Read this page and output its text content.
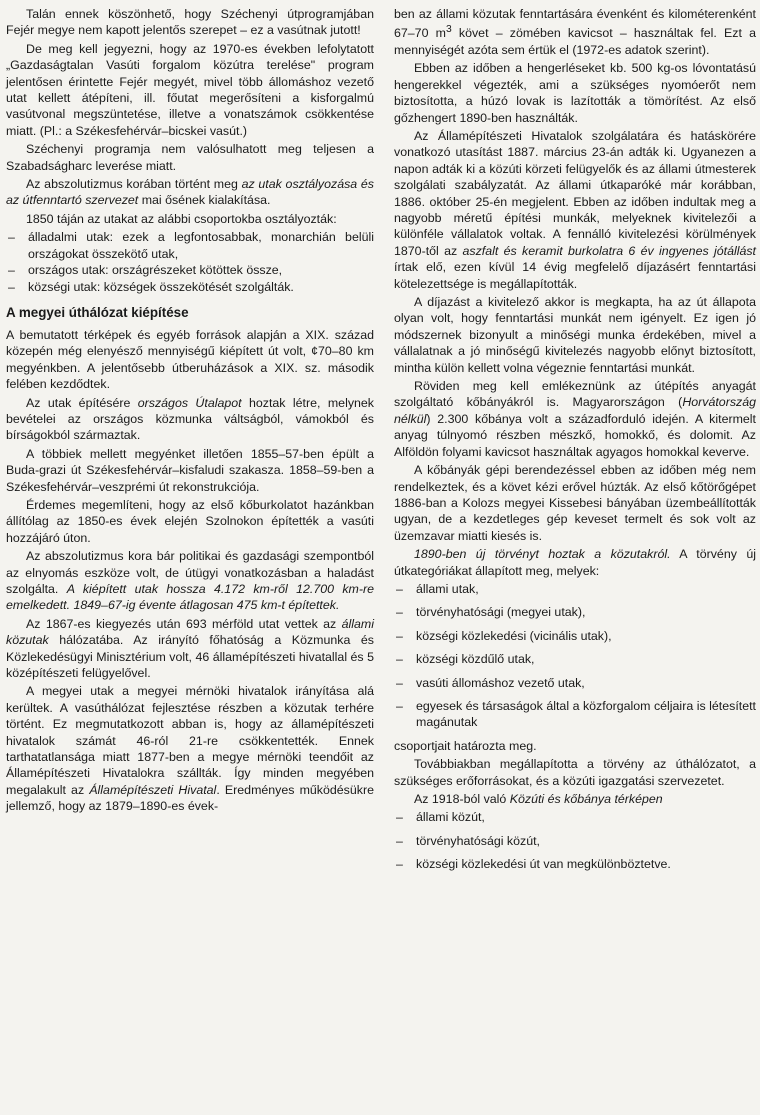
Talán ennek köszönhető, hogy Széchenyi útprogramjában Fejér megye nem kapott jelentős szerepet – ez a vasútnak jutott!

De meg kell jegyezni, hogy az 1970-es években lefolytatott „Gazdaságtalan Vasúti forgalom közútra terelése" program jelentősen érintette Fejér megyét, mivel több állomáshoz vezető utat kellett átépíteni, ill. főutat megerősíteni a kisforgalmú vasútvonal megszüntetése, illetve a vonatszámok csökkentése miatt. (Pl.: a Székesfehérvár–bicskei vasút.)

Széchenyi programja nem valósulhatott meg teljesen a Szabadságharc leverése miatt.

Az abszolutizmus korában történt meg az utak osztályozása és az útfenntartó szervezet mai ősének kialakítása.

1850 táján az utakat az alábbi csoportokba osztályozták:

– álladalmi utak: ezek a legfontosabbak, monarchián belüli országokat összekötő utak,
– országos utak: országrészeket kötöttek össze,
– községi utak: községek összekötését szolgálták.
A megyei úthálózat kiépítése

A bemutatott térképek és egyéb források alapján a XIX. század közepén még elenyésző mennyiségű kiépített út volt, ¢70–80 km megyénkben. A jelentősebb útberuházások a XIX. sz. második felében kezdődtek.

Az utak építésére országos Útalapot hoztak létre, melynek bevételei az országos közmunka váltságból, vámokból és bírságokból származtak.

A többiek mellett megyénket illetően 1855–57-ben épült a Buda-grazi út Székesfehérvár–kisfaludi szakasza. 1858–59-ben a Székesfehérvár–veszprémi út rekonstrukciója.

Érdemes megemlíteni, hogy az első kőburkolatot hazánkban állítólag az 1850-es évek elején Szolnokon építették a vasúti hozzájáró úton.

Az abszolutizmus kora bár politikai és gazdasági szempontból az elnyomás eszköze volt, de útügyi vonatkozásban a haladást szolgálta. A kiépített utak hossza 4.172 km-ről 12.700 km-re emelkedett. 1849–67-ig évente átlagosan 475 km-t építettek.

Az 1867-es kiegyezés után 693 mérföld utat vettek az állami közutak hálózatába. Az irányító főhatóság a Közmunka és Közlekedésügyi Minisztérium volt, 46 államépítészeti hivatallal és 5 középítészeti felügyelővel.

A megyei utak a megyei mérnöki hivatalok irányítása alá kerültek. A vasúthálózat fejlesztése részben a közutak terhére történt. Ez megmutatkozott abban is, hogy az államépítészeti hivatalok számát 46-ról 21-re csökkentették. Ennek tarthatatlansága miatt 1877-ben a megye mérnöki teendőit az Államépítészeti Hivatalokra szállták. Így minden megyében megalakult az Államépítészeti Hivatal. Eredményes működésükre jellemző, hogy az 1879–1890-es évek-

ben az állami közutak fenntartására évenként és kilométerenként 67–70 $m^3$ követ – zömében kavicsot – használtak fel. Ezt a mennyiségét azóta sem értük el (1972-es adatok szerint).

Ebben az időben a hengerléseket kb. 500 kg-os lóvontatású hengerekkel végezték, ami a szükséges nyomóerőt nem biztosította, a húzó lovak is lazították a tömörítést. Az első gőzhengert 1890-ben használták.

Az Államépítészeti Hivatalok szolgálatára és hatáskörére vonatkozó utasítást 1887. március 23-án adták ki. Ugyanezen a napon adták ki a közúti körzeti felügyelők és az állami útmesterek szolgálati szabályzatát. Az állami útkaparóké már korábban, 1886. október 25-én megjelent. Ebben az időben indultak meg a nagyobb méretű építési munkák, melyeknek kivitelezői a különféle vállalatok voltak. A fennálló kivitelezési körülmények 1870-től az aszfalt és keramit burkolatra 6 év ingyenes jótállást írtak elő, ezen kívül 14 évig megfelelő díjazásért fenntartási kötelezettsége is megállapították.

A díjazást a kivitelező akkor is megkapta, ha az út állapota olyan volt, hogy fenntartási munkát nem igényelt. Ez igen jó módszernek bizonyult a minőségi munka érdekében, mivel a vállalatnak a jó minőségű kivitelezés nagyobb előnyt biztosított, mintha külön kellett volna végeznie fenntartási munkát.

Röviden meg kell emlékeznünk az útépítés anyagát szolgáltató kőbányákról is. Magyarországon (Horvátország nélkül) 2.300 kőbánya volt a századforduló idején. A kitermelt anyag túlnyomó részben mészkő, homokkő, és dolomit. Az Alföldön folyami kavicsot használtak agyagos homokkal keverve.

A kőbányák gépi berendezéssel ebben az időben még nem rendelkeztek, és a követ kézi erővel húzták. Az első kőtörőgépet 1886-ban a Kolozs megyei Kissebesi bányában üzembeállították ugyan, de a kezdetleges gép keveset termelt és sok volt az üzemzavar miatti kiesés is.

1890-ben új törvényt hoztak a közutakról. A törvény új útkategóriákat állapított meg, melyek:

– állami utak,
– törvényhatósági (megyei utak),
– községi közlekedési (vicinális utak),
– községi közdűlő utak,
– vasúti állomáshoz vezető utak,
– egyesek és társaságok által a közforgalom céljaira is létesített magánutak

csoportjait határozta meg.

Továbbiakban megállapította a törvény az úthálózatot, a szükséges erőforrásokat, és a közúti igazgatási szervezetet.

Az 1918-ból való Közúti és kőbánya térképen

– állami közút,
– törvényhatósági közút,
– községi közlekedési út van megkülönböztetve.
